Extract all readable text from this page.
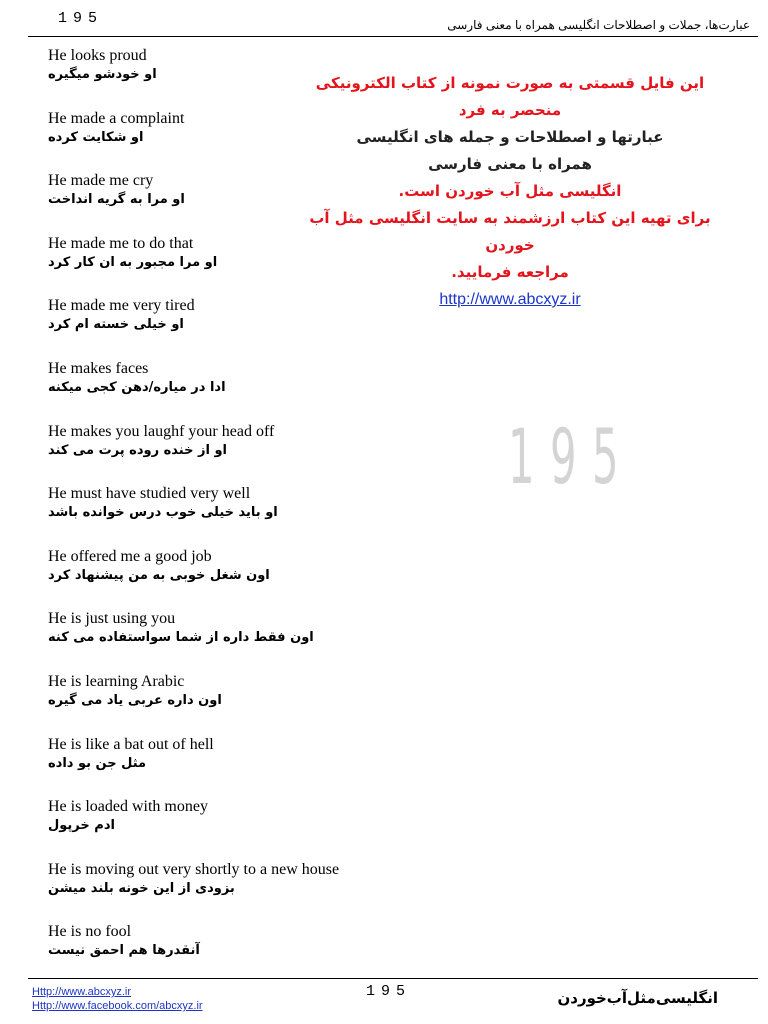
195	عبارت‌ها، جملات و اصطلاحات انگلیسی همراه با معنی فارسی
He looks proud
او خودشو میگیره
He made a complaint
او شکایت کرده
He made me cry
او مرا به گریه انداخت
He made me to do that
او مرا مجبور به ان کار کرد
He made me very tired
او خیلی خسته ام کرد
He makes faces
ادا در میاره/دهن کجی میکنه
He makes you laughf your head off
او از خنده روده پرت می کند
He must have studied very well
او باید خیلی خوب درس خوانده باشد
He offered me a good job
اون شغل خوبی به من پیشنهاد کرد
He is just using you
اون فقط داره از شما سواستفاده می کنه
He is learning Arabic
اون داره عربی یاد می گیره
He is like a bat out of hell
مثل جن بو داده
He is loaded with money
ادم خرپول
He is moving out very shortly to a new house
بزودی از این خونه بلند میشن
He is no fool
آنقدرها هم احمق نیست
این فایل قسمتی به صورت نمونه از کتاب الکترونیکی
منحصر به فرد
عبارتها و اصطلاحات و جمله های انگلیسی
همراه با معنی فارسی
انگلیسی مثل آب خوردن است.
برای تهیه این کتاب ارزشمند به سایت انگلیسی مثل آب
خوردن
مراجعه فرمایید.
http://www.abcxyz.ir
195
Http://www.abcxyz.ir
Http://www.facebook.com/abcxyz.ir
195	انگلیسی‌مثل‌آب‌خوردن
